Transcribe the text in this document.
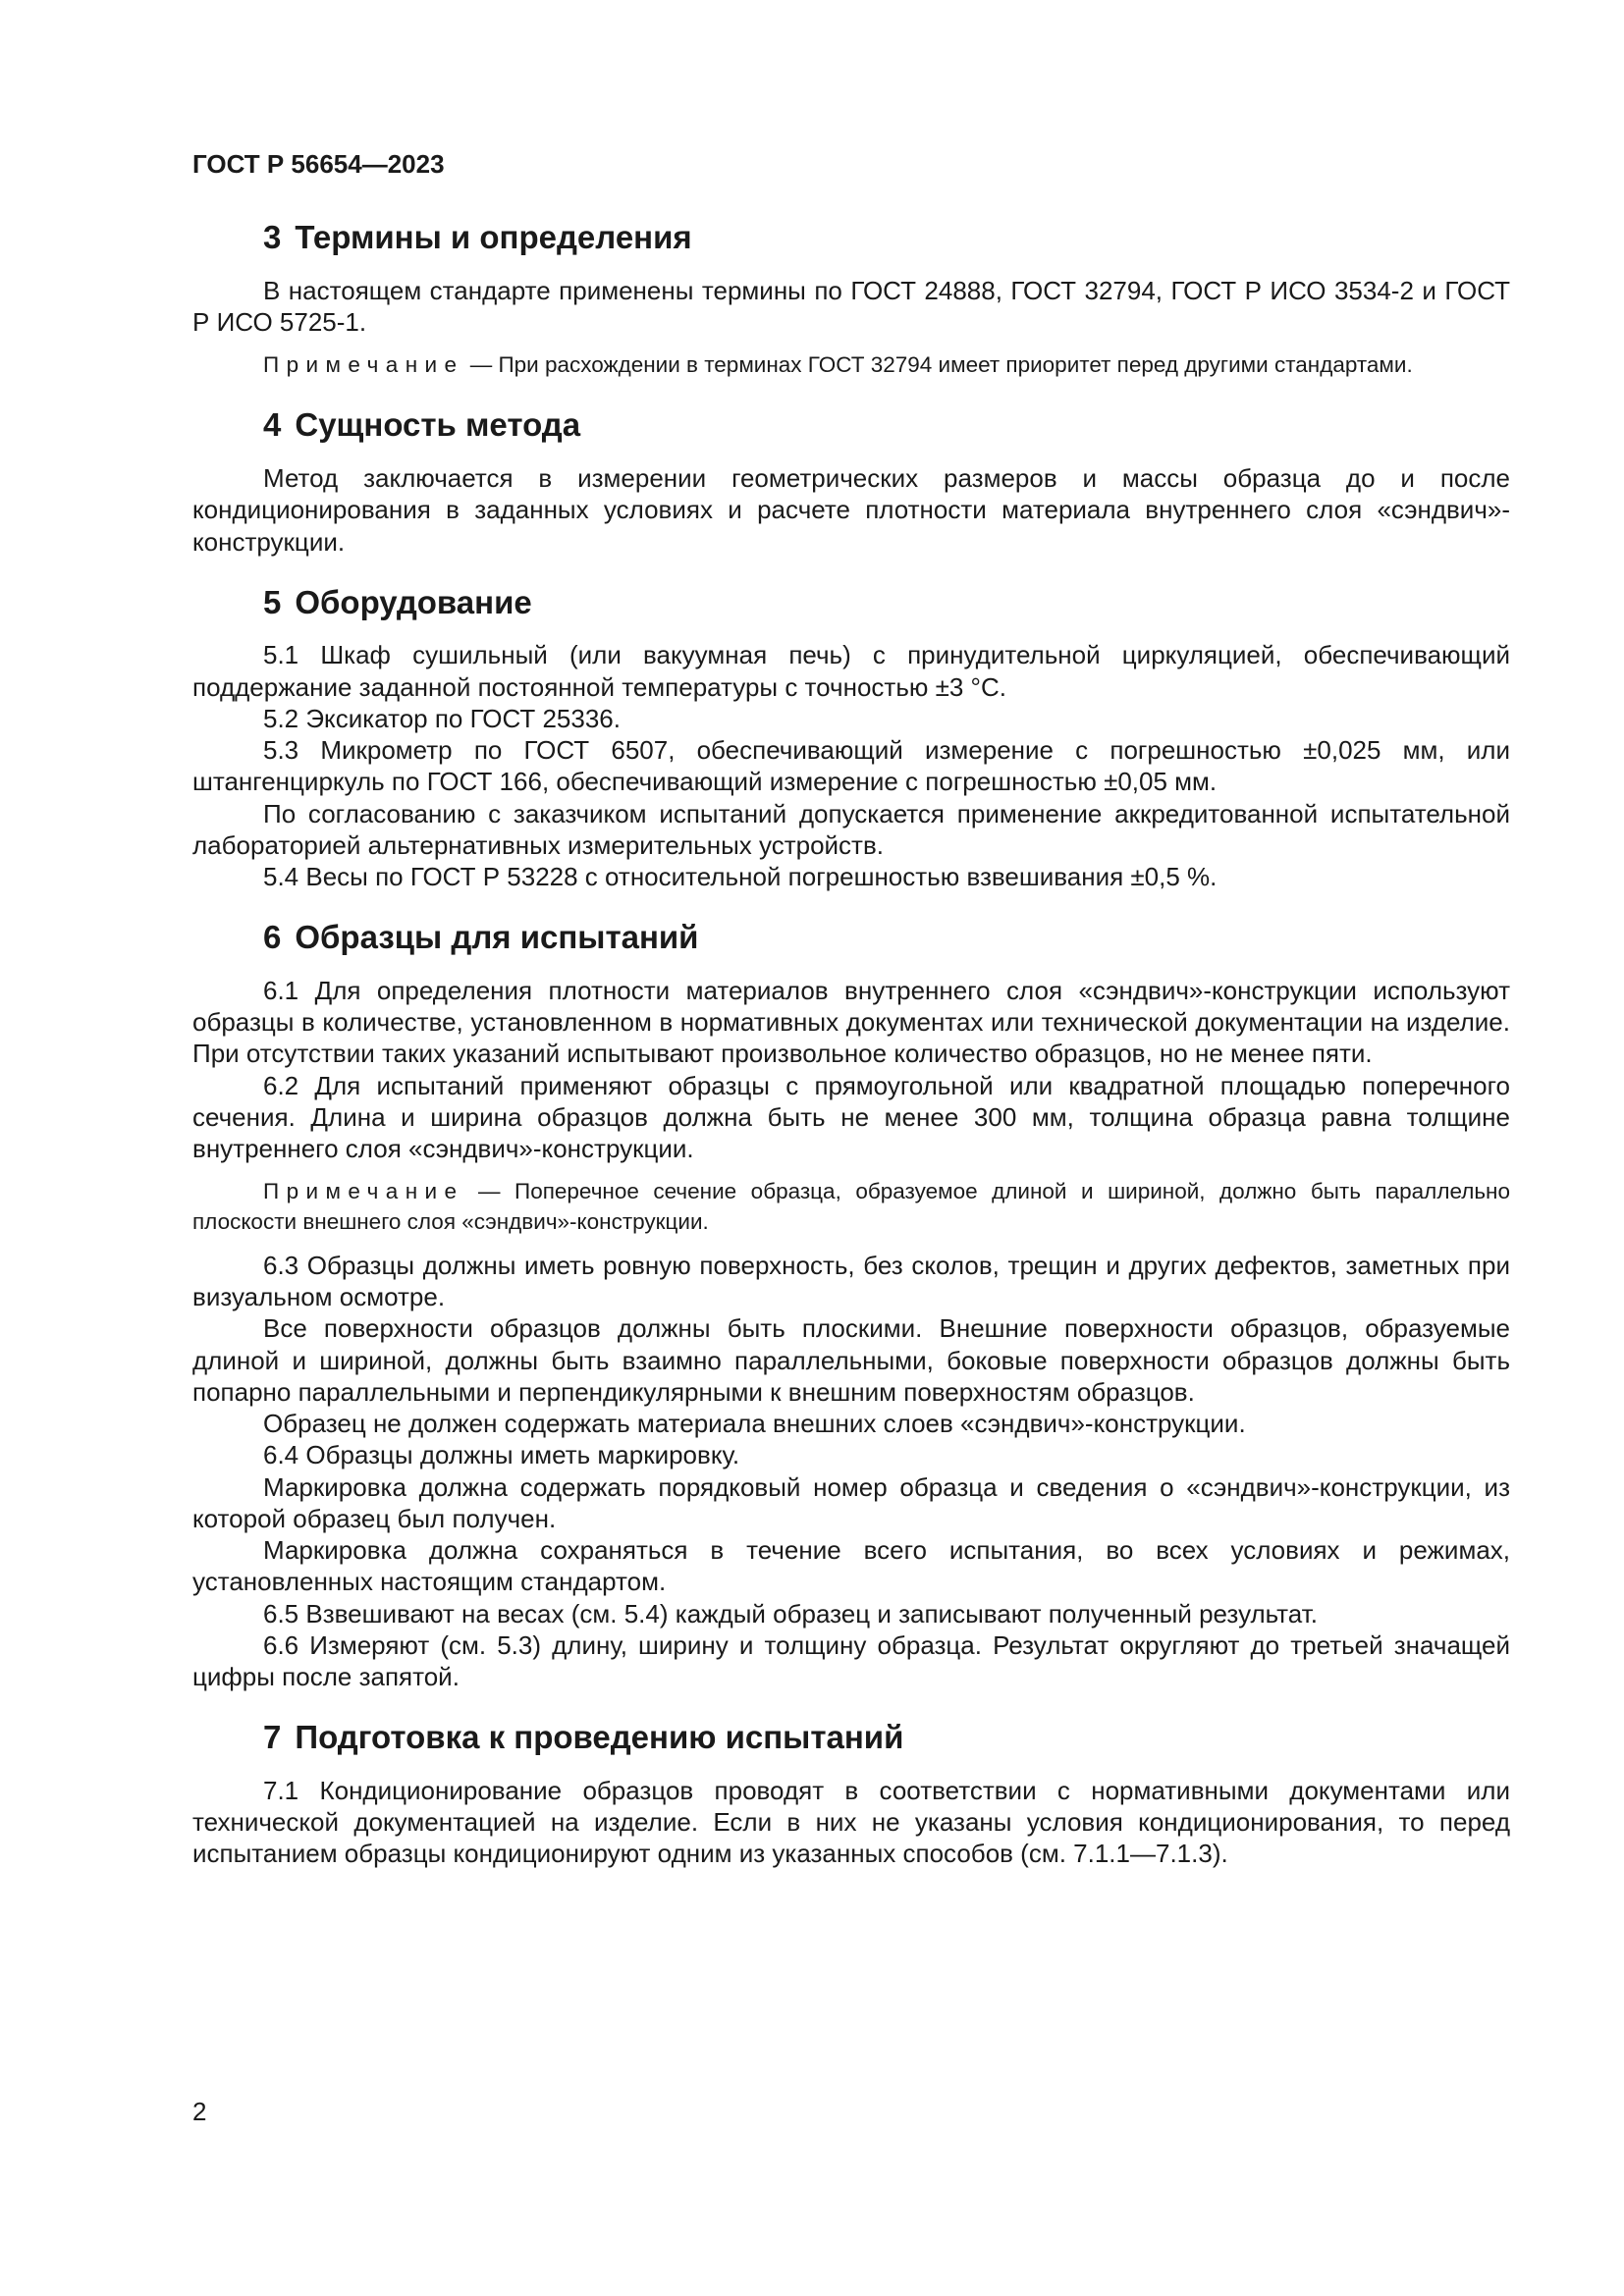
ГОСТ Р 56654—2023
3 Термины и определения

В настоящем стандарте применены термины по ГОСТ 24888, ГОСТ 32794, ГОСТ Р ИСО 3534-2 и ГОСТ Р ИСО 5725-1.

Примечание — При расхождении в терминах ГОСТ 32794 имеет приоритет перед другими стандартами.

4 Сущность метода

Метод заключается в измерении геометрических размеров и массы образца до и после кондиционирования в заданных условиях и расчете плотности материала внутреннего слоя «сэндвич»-конструкции.

5 Оборудование

5.1 Шкаф сушильный (или вакуумная печь) с принудительной циркуляцией, обеспечивающий поддержание заданной постоянной температуры с точностью ±3 °С.

5.2 Эксикатор по ГОСТ 25336.

5.3 Микрометр по ГОСТ 6507, обеспечивающий измерение с погрешностью ±0,025 мм, или штангенциркуль по ГОСТ 166, обеспечивающий измерение с погрешностью ±0,05 мм.

По согласованию с заказчиком испытаний допускается применение аккредитованной испытательной лабораторией альтернативных измерительных устройств.

5.4 Весы по ГОСТ Р 53228 с относительной погрешностью взвешивания ±0,5 %.

6 Образцы для испытаний

6.1 Для определения плотности материалов внутреннего слоя «сэндвич»-конструкции используют образцы в количестве, установленном в нормативных документах или технической документации на изделие. При отсутствии таких указаний испытывают произвольное количество образцов, но не менее пяти.

6.2 Для испытаний применяют образцы с прямоугольной или квадратной площадью поперечного сечения. Длина и ширина образцов должна быть не менее 300 мм, толщина образца равна толщине внутреннего слоя «сэндвич»-конструкции.

Примечание — Поперечное сечение образца, образуемое длиной и шириной, должно быть параллельно плоскости внешнего слоя «сэндвич»-конструкции.

6.3 Образцы должны иметь ровную поверхность, без сколов, трещин и других дефектов, заметных при визуальном осмотре.

Все поверхности образцов должны быть плоскими. Внешние поверхности образцов, образуемые длиной и шириной, должны быть взаимно параллельными, боковые поверхности образцов должны быть попарно параллельными и перпендикулярными к внешним поверхностям образцов.

Образец не должен содержать материала внешних слоев «сэндвич»-конструкции.

6.4 Образцы должны иметь маркировку.

Маркировка должна содержать порядковый номер образца и сведения о «сэндвич»-конструкции, из которой образец был получен.

Маркировка должна сохраняться в течение всего испытания, во всех условиях и режимах, установленных настоящим стандартом.

6.5 Взвешивают на весах (см. 5.4) каждый образец и записывают полученный результат.

6.6 Измеряют (см. 5.3) длину, ширину и толщину образца. Результат округляют до третьей значащей цифры после запятой.

7 Подготовка к проведению испытаний

7.1 Кондиционирование образцов проводят в соответствии с нормативными документами или технической документацией на изделие. Если в них не указаны условия кондиционирования, то перед испытанием образцы кондиционируют одним из указанных способов (см. 7.1.1—7.1.3).

2
